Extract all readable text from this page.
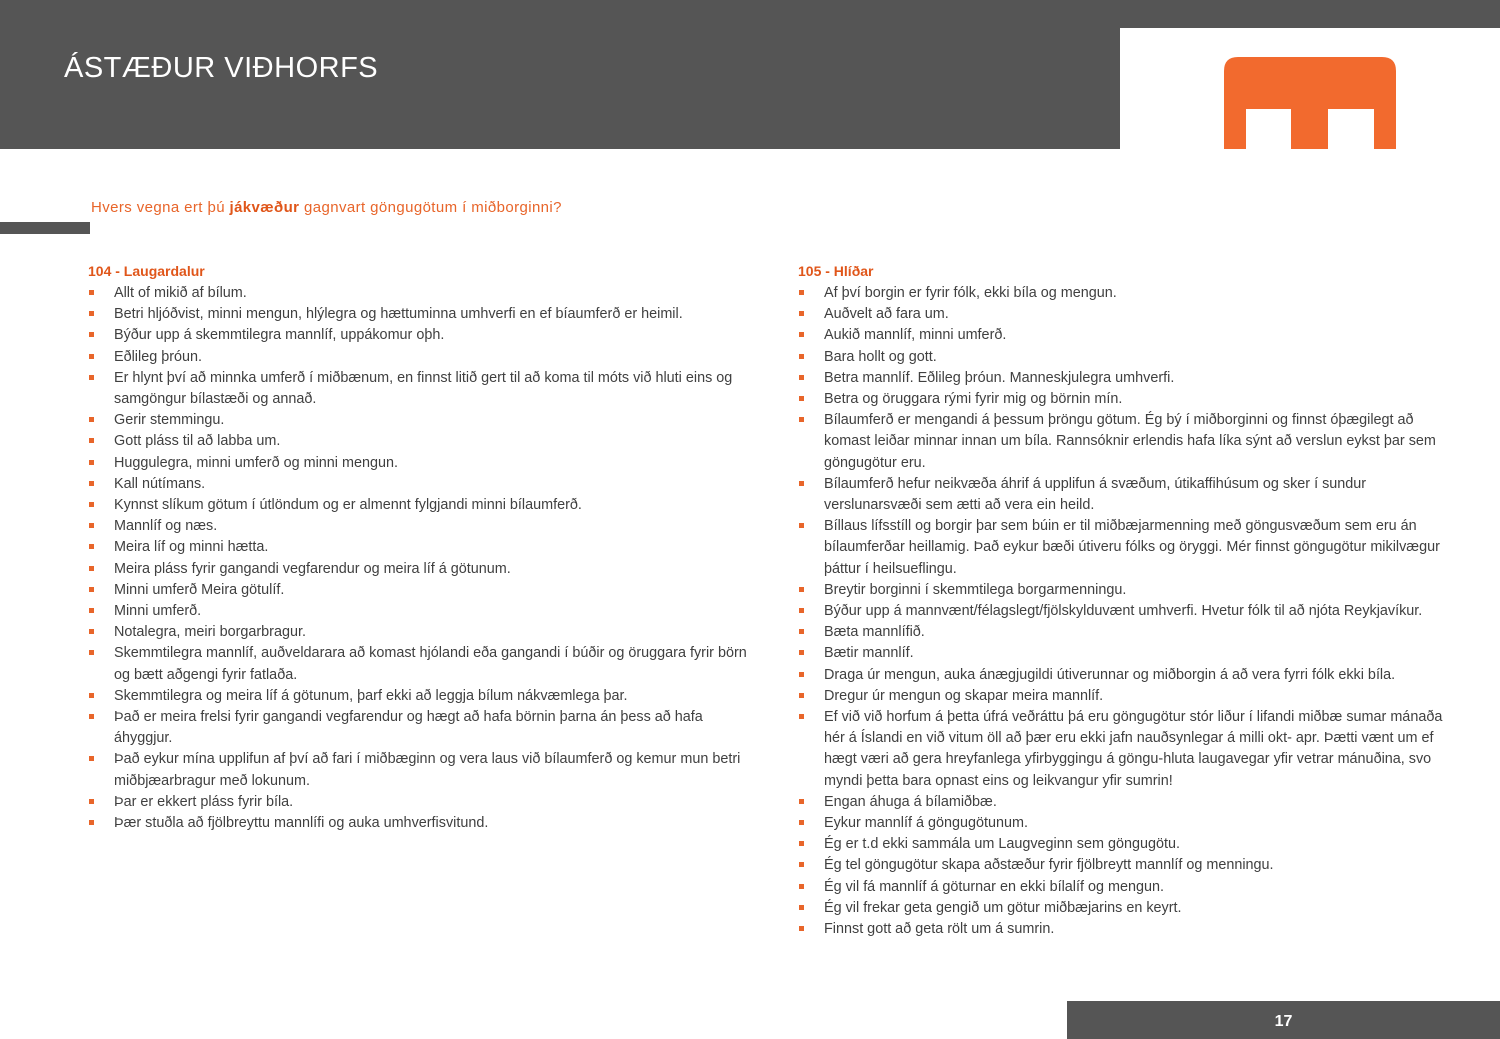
ÁSTÆÐUR VIÐHORFS
Hvers vegna ert þú jákvæður gagnvart göngugötum í miðborginni?
104 - Laugardalur
Allt of mikið af bílum.
Betri hljóðvist, minni mengun, hlýlegra og hættuminna umhverfi en ef bíaumferð er heimil.
Býður upp á skemmtilegra mannlíf, uppákomur oþh.
Eðlileg þróun.
Er hlynt því að minnka umferð í miðbænum, en finnst litið gert til að koma til móts við hluti eins og samgöngur bílastæði og annað.
Gerir stemmingu.
Gott pláss til að labba um.
Huggulegra, minni umferð og minni mengun.
Kall nútímans.
Kynnst slíkum götum í útlöndum og er almennt fylgjandi minni bílaumferð.
Mannlíf og næs.
Meira líf og minni hætta.
Meira pláss fyrir gangandi vegfarendur og meira líf á götunum.
Minni umferð Meira götulíf.
Minni umferð.
Notalegra, meiri borgarbragur.
Skemmtilegra mannlíf, auðveldarara að komast hjólandi eða gangandi í búðir og öruggara fyrir börn og bætt aðgengi fyrir fatlaða.
Skemmtilegra og meira líf á götunum, þarf ekki að leggja bílum nákvæmlega þar.
Það er meira frelsi fyrir gangandi vegfarendur og hægt að hafa börnin þarna án þess að hafa áhyggjur.
Það eykur mína upplifun af því að fari í miðbæginn og vera laus við bílaumferð og kemur mun betri miðbjæarbragur með lokunum.
Þar er ekkert pláss fyrir bíla.
Þær stuðla að fjölbreyttu mannlífi og auka umhverfisvitund.
105 - Hlíðar
Af því borgin er fyrir fólk, ekki bíla og mengun.
Auðvelt að fara um.
Aukið mannlíf, minni umferð.
Bara hollt og gott.
Betra mannlíf. Eðlileg þróun. Manneskjulegra umhverfi.
Betra og öruggara rými fyrir mig og börnin mín.
Bílaumferð er mengandi á þessum þröngu götum. Ég bý í miðborginni og finnst óþægilegt að komast leiðar minnar innan um bíla. Rannsóknir erlendis hafa líka sýnt að verslun eykst þar sem göngugötur eru.
Bílaumferð hefur neikvæða áhrif á upplifun á svæðum, útikaffihúsum og sker í sundur verslunarsvæði sem ætti að vera ein heild.
Bíllaus lífsstíll og borgir þar sem búin er til miðbæjarmenning með göngusvæðum sem eru án bílaumferðar heillamig. Það eykur bæði útiveru fólks og öryggi. Mér finnst göngugötur mikilvægur þáttur í heilsueflingu.
Breytir borginni í skemmtilega borgarmenningu.
Býður upp á mannvænt/félagslegt/fjölskylduvænt umhverfi. Hvetur fólk til að njóta Reykjavíkur.
Bæta mannlífið.
Bætir mannlíf.
Draga úr mengun, auka ánægjugildi útiverunnar og miðborgin á að vera fyrri fólk ekki bíla.
Dregur úr mengun og skapar meira mannlíf.
Ef við við horfum á þetta úfrá veðráttu þá eru göngugötur stór liður í lifandi miðbæ sumar mánaða hér á Íslandi en við vitum öll að þær eru ekki jafn nauðsynlegar á milli okt- apr. Þætti vænt um ef hægt væri að gera hreyfanlega yfirbyggingu á göngu-hluta laugavegar yfir vetrar mánuðina, svo myndi þetta bara opnast eins og leikvangur yfir sumrin!
Engan áhuga á bílamiðbæ.
Eykur mannlíf á göngugötunum.
Ég er t.d ekki sammála um Laugveginn sem göngugötu.
Ég tel göngugötur skapa aðstæður fyrir fjölbreytt mannlíf og menningu.
Ég vil fá mannlíf á göturnar en ekki bílalíf og mengun.
Ég vil frekar geta gengið um götur miðbæjarins en keyrt.
Finnst gott að geta rölt um á sumrin.
17
